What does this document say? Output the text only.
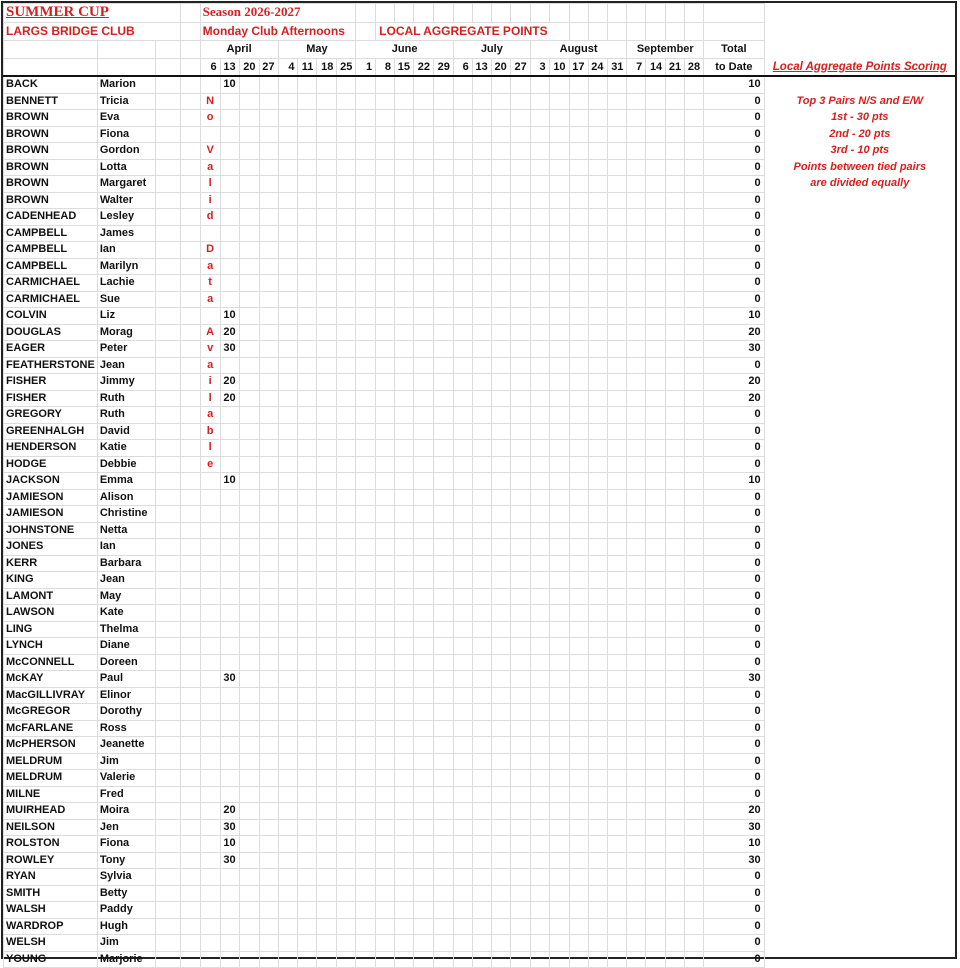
SUMMER CUP				Season 2026-2027																											
LARGS BRIDGE CLUB				Monday Club Afternoons									LOCAL AGGREGATE POINTS																		
				April				May				June					July				August					September				Total	
				6	13	20	27	4	11	18	25	1	8	15	22	29	6	13	20	27	3	10	17	24	31	7	14	21	28	to Date	Local Aggregate Points Scoring
BACK	Marion				10																									10	
BENNETT	Tricia			N																										0	Top 3 Pairs N/S and E/W
BROWN	Eva			o																										0	1st - 30 pts
BROWN	Fiona																													0	2nd - 20 pts
BROWN	Gordon			V																										0	3rd - 10 pts
BROWN	Lotta			a																										0	Points between tied pairs
BROWN	Margaret			l																										0	are divided equally
BROWN	Walter			i																										0	
CADENHEAD	Lesley			d																										0	
CAMPBELL	James																													0	
CAMPBELL	Ian			D																										0	
CAMPBELL	Marilyn			a																										0	
CARMICHAEL	Lachie			t																										0	
CARMICHAEL	Sue			a																										0	
COLVIN	Liz				10																									10	
DOUGLAS	Morag			A	20																									20	
EAGER	Peter			v	30																									30	
FEATHERSTONE	Jean			a																										0	
FISHER	Jimmy			i	20																									20	
FISHER	Ruth			l	20																									20	
GREGORY	Ruth			a																										0	
GREENHALGH	David			b																										0	
HENDERSON	Katie			l																										0	
HODGE	Debbie			e																										0	
JACKSON	Emma				10																									10	
JAMIESON	Alison																													0	
JAMIESON	Christine																													0	
JOHNSTONE	Netta																													0	
JONES	Ian																													0	
KERR	Barbara																													0	
KING	Jean																													0	
LAMONT	May																													0	
LAWSON	Kate																													0	
LING	Thelma																													0	
LYNCH	Diane																													0	
McCONNELL	Doreen																													0	
McKAY	Paul				30																									30	
MacGILLIVRAY	Elinor																													0	
McGREGOR	Dorothy																													0	
McFARLANE	Ross																													0	
McPHERSON	Jeanette																													0	
MELDRUM	Jim																													0	
MELDRUM	Valerie																													0	
MILNE	Fred																													0	
MUIRHEAD	Moira				20																									20	
NEILSON	Jen				30																									30	
ROLSTON	Fiona				10																									10	
ROWLEY	Tony				30																									30	
RYAN	Sylvia																													0	
SMITH	Betty																													0	
WALSH	Paddy																													0	
WARDROP	Hugh																													0	
WELSH	Jim																													0	
YOUNG	Marjorie																													0	
